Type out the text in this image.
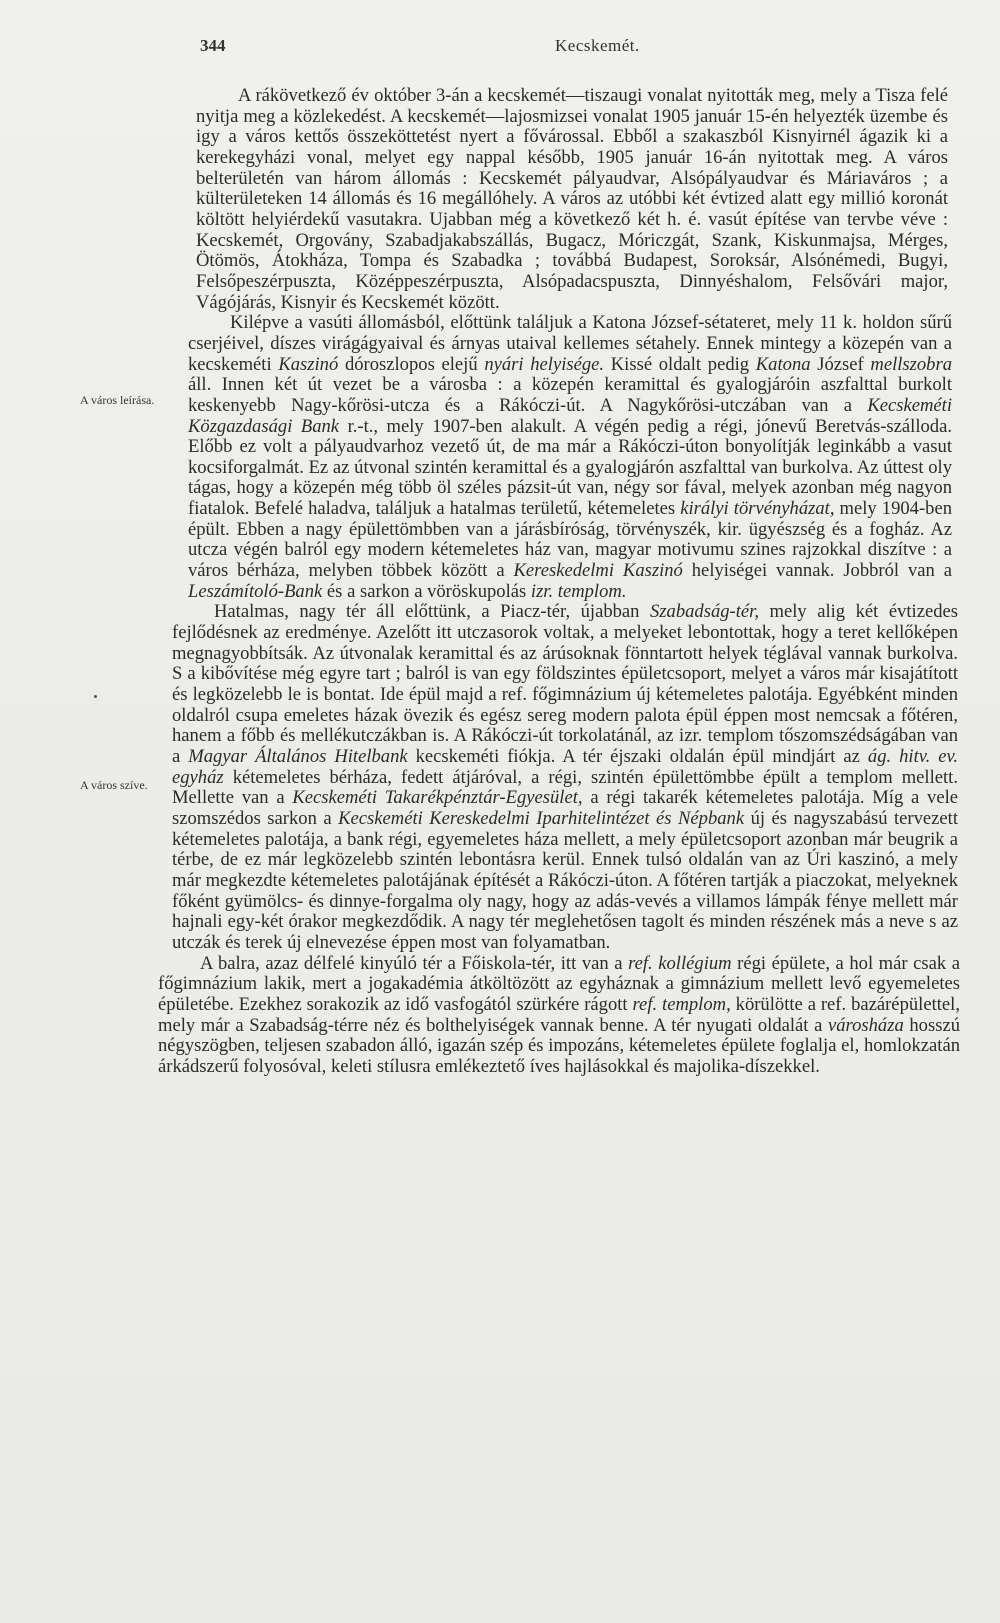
344	Kecskemét.
A város leírása.
A város szíve.

A rákövetkező év október 3-án a kecskemét—tiszaugi vonalat nyitották meg, mely a Tisza felé nyitja meg a közlekedést. A kecskemét—lajosmizsei vonalat 1905 január 15-én helyezték üzembe és igy a város kettős összeköttetést nyert a fővárossal. Ebből a szakaszból Kisnyirnél ágazik ki a kerekegyházi vonal, melyet egy nappal később, 1905 január 16-án nyitottak meg. A város belterületén van három állomás : Kecskemét pályaudvar, Alsópályaudvar és Máriaváros ; a külterületeken 14 állomás és 16 megállóhely. A város az utóbbi két évtized alatt egy millió koronát költött helyiérdekű vasutakra. Ujabban még a következő két h. é. vasút építése van tervbe véve : Kecskemét, Orgovány, Szabadjakabszállás, Bugacz, Móriczgát, Szank, Kiskunmajsa, Mérges, Ötömös, Átokháza, Tompa és Szabadka ; továbbá Budapest, Soroksár, Alsónémedi, Bugyi, Felsőpeszérpuszta, Középpeszérpuszta, Alsópadacspuszta, Dinnyéshalom, Felsővári major, Vágójárás, Kisnyir és Kecskemét között.

Kilépve a vasúti állomásból, előttünk találjuk a Katona József-sétateret, mely 11 k. holdon sűrű cserjéivel, díszes virágágyaival és árnyas utaival kellemes sétahely. Ennek mintegy a közepén van a kecskeméti Kaszinó dóroszlopos elejű nyári helyisége. Kissé oldalt pedig Katona József mellszobra áll. Innen két út vezet be a városba : a közepén keramittal és gyalogjáróin aszfalttal burkolt keskenyebb Nagy-kőrösi-utcza és a Rákóczi-út. A Nagykőrösi-utczában van a Kecskeméti Közgazdasági Bank r.-t., mely 1907-ben alakult. A végén pedig a régi, jónevű Beretvás-szálloda. Előbb ez volt a pályaudvarhoz vezető út, de ma már a Rákóczi-úton bonyolítják leginkább a vasut kocsiforgalmát. Ez az útvonal szintén keramittal és a gyalogjárón aszfalttal van burkolva. Az úttest oly tágas, hogy a közepén még több öl széles pázsit-út van, négy sor fával, melyek azonban még nagyon fiatalok. Befelé haladva, találjuk a hatalmas területű, kétemeletes királyi törvényházat, mely 1904-ben épült. Ebben a nagy épülettömbben van a járásbíróság, törvényszék, kir. ügyészség és a fogház. Az utcza végén balról egy modern kétemeletes ház van, magyar motivumu szines rajzokkal diszítve : a város bérháza, melyben többek között a Kereskedelmi Kaszinó helyiségei vannak. Jobbról van a Leszámítoló-Bank és a sarkon a vöröskupolás izr. templom.

Hatalmas, nagy tér áll előttünk, a Piacz-tér, újabban Szabadság-tér, mely alig két évtizedes fejlődésnek az eredménye. Azelőtt itt utczasorok voltak, a melyeket lebontottak, hogy a teret kellőképen megnagyobbítsák. Az útvonalak keramittal és az árúsoknak fönntartott helyek téglával vannak burkolva. S a kibővítése még egyre tart ; balról is van egy földszintes épületcsoport, melyet a város már kisajátított és legközelebb le is bontat. Ide épül majd a ref. főgimnázium új kétemeletes palotája. Egyébként minden oldalról csupa emeletes házak övezik és egész sereg modern palota épül éppen most nemcsak a főtéren, hanem a főbb és mellékutczákban is. A Rákóczi-út torkolatánál, az izr. templom tőszomszédságában van a Magyar Általános Hitelbank kecskeméti fiókja. A tér éjszaki oldalán épül mindjárt az ág. hitv. ev. egyház kétemeletes bérháza, fedett átjáróval, a régi, szintén épülettömbbe épült a templom mellett. Mellette van a Kecskeméti Takarékpénztár-Egyesület, a régi takarék kétemeletes palotája. Míg a vele szomszédos sarkon a Kecskeméti Kereskedelmi Iparhitelintézet és Népbank új és nagyszabású tervezett kétemeletes palotája, a bank régi, egyemeletes háza mellett, a mely épületcsoport azonban már beugrik a térbe, de ez már legközelebb szintén lebontásra kerül. Ennek tulsó oldalán van az Úri kaszinó, a mely már megkezdte kétemeletes palotájának építését a Rákóczi-úton. A főtéren tartják a piaczokat, melyeknek főként gyümölcs- és dinnye-forgalma oly nagy, hogy az adás-vevés a villamos lámpák fénye mellett már hajnali egy-két órakor megkezdődik. A nagy tér meglehetősen tagolt és minden részének más a neve s az utczák és terek új elnevezése éppen most van folyamatban.

A balra, azaz délfelé kinyúló tér a Főiskola-tér, itt van a ref. kollégium régi épülete, a hol már csak a főgimnázium lakik, mert a jogakadémia átköltözött az egyháznak a gimnázium mellett levő egyemeletes épületébe. Ezekhez sorakozik az idő vasfogától szürkére rágott ref. templom, körülötte a ref. bazárépülettel, mely már a Szabadság-térre néz és bolthelyiségek vannak benne. A tér nyugati oldalát a városháza hosszú négyszögben, teljesen szabadon álló, igazán szép és impozáns, kétemeletes épülete foglalja el, homlokzatán árkádszerű folyosóval, keleti stílusra emlékeztető íves hajlásokkal és majolika-díszekkel.
